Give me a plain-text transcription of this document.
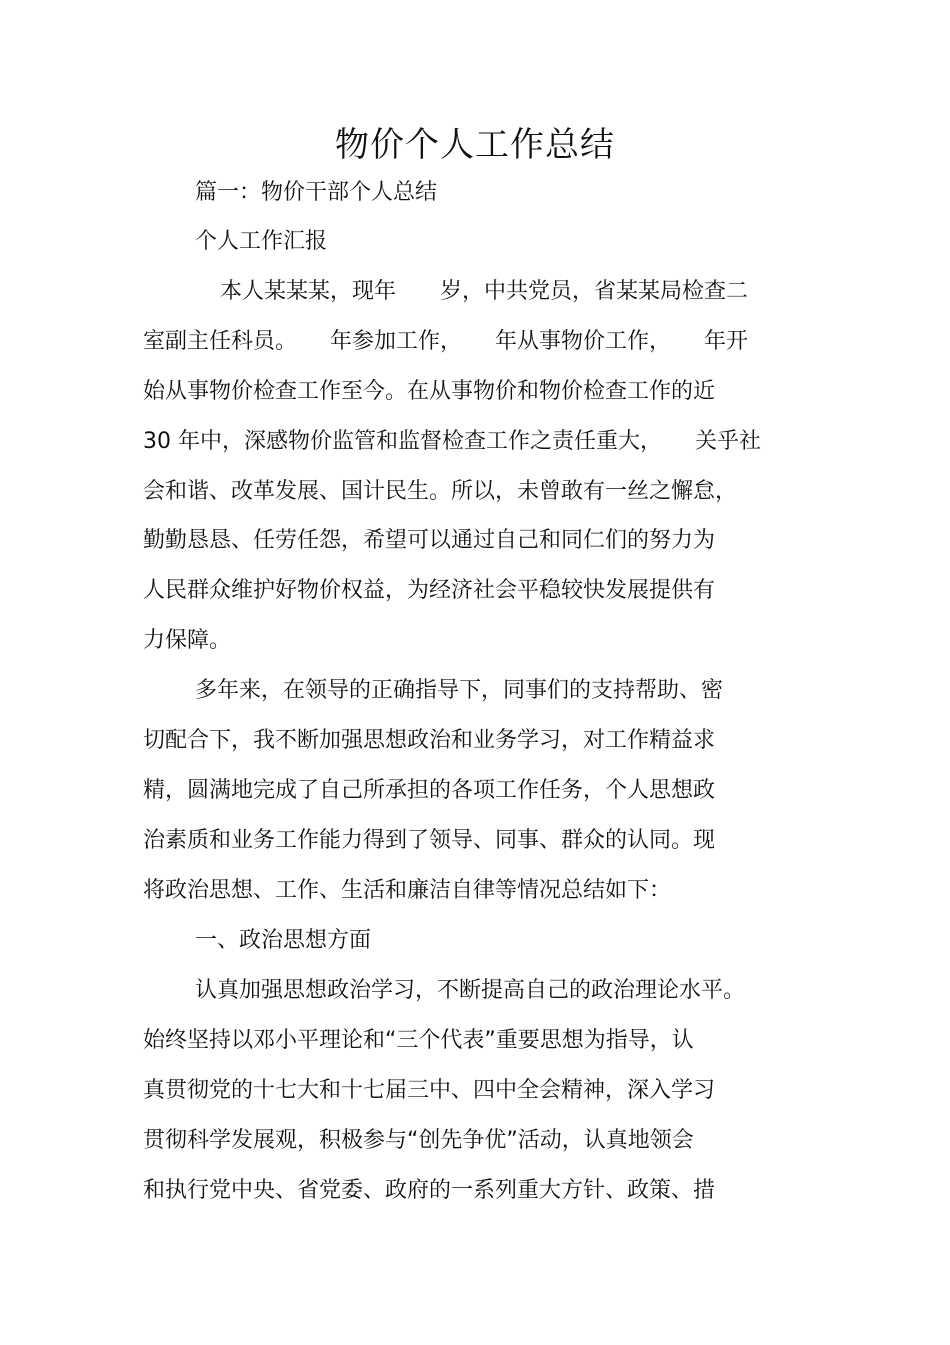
物价个人工作总结
篇一：物价干部个人总结
个人工作汇报
本人某某某，现年　　岁，中共党员，省某某局检查二
室副主任科员。　　年参加工作，　　年从事物价工作，　　年开
始从事物价检查工作至今。在从事物价和物价检查工作的近
30 年中，深感物价监管和监督检查工作之责任重大，　　关乎社
会和谐、改革发展、国计民生。所以，未曾敢有一丝之懈怠，
勤勤恳恳、任劳任怨，希望可以通过自己和同仁们的努力为
人民群众维护好物价权益，为经济社会平稳较快发展提供有
力保障。
多年来，在领导的正确指导下，同事们的支持帮助、密
切配合下，我不断加强思想政治和业务学习，对工作精益求
精，圆满地完成了自己所承担的各项工作任务，个人思想政
治素质和业务工作能力得到了领导、同事、群众的认同。现
将政治思想、工作、生活和廉洁自律等情况总结如下：
一、政治思想方面
认真加强思想政治学习，不断提高自己的政治理论水平。
始终坚持以邓小平理论和“三个代表”重要思想为指导，认
真贯彻党的十七大和十七届三中、四中全会精神，深入学习
贯彻科学发展观，积极参与“创先争优”活动，认真地领会
和执行党中央、省党委、政府的一系列重大方针、政策、措
